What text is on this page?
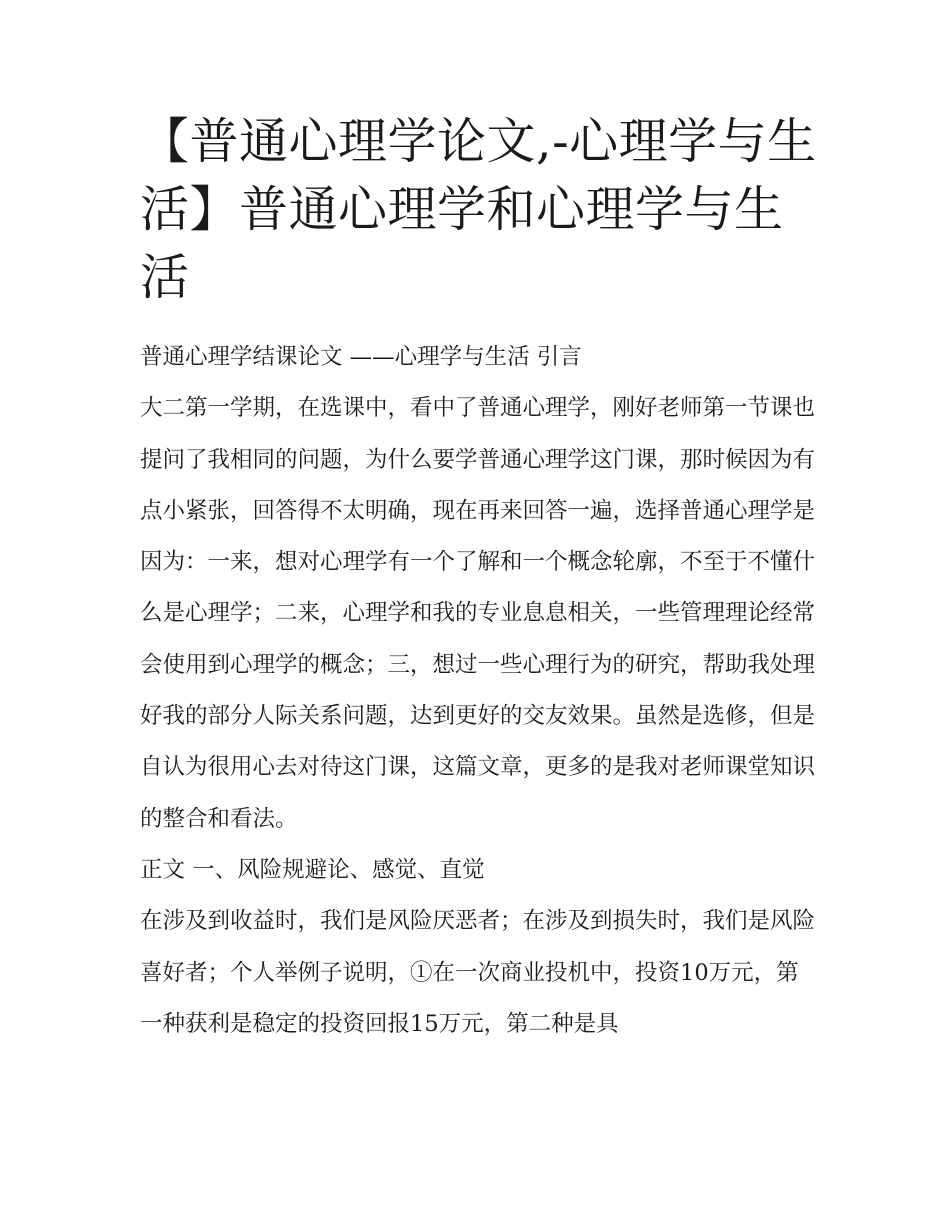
【普通心理学论文,-心理学与生活】普通心理学和心理学与生活

普通心理学结课论文 ——心理学与生活 引言

大二第一学期，在选课中，看中了普通心理学，刚好老师第一节课也提问了我相同的问题，为什么要学普通心理学这门课，那时候因为有点小紧张，回答得不太明确，现在再来回答一遍，选择普通心理学是因为：一来，想对心理学有一个了解和一个概念轮廓，不至于不懂什么是心理学；二来，心理学和我的专业息息相关，一些管理理论经常会使用到心理学的概念；三，想过一些心理行为的研究，帮助我处理好我的部分人际关系问题，达到更好的交友效果。虽然是选修，但是自认为很用心去对待这门课，这篇文章，更多的是我对老师课堂知识的整合和看法。

正文 一、风险规避论、感觉、直觉

在涉及到收益时，我们是风险厌恶者；在涉及到损失时，我们是风险喜好者；个人举例子说明，①在一次商业投机中，投资10万元，第一种获利是稳定的投资回报15万元，第二种是具
